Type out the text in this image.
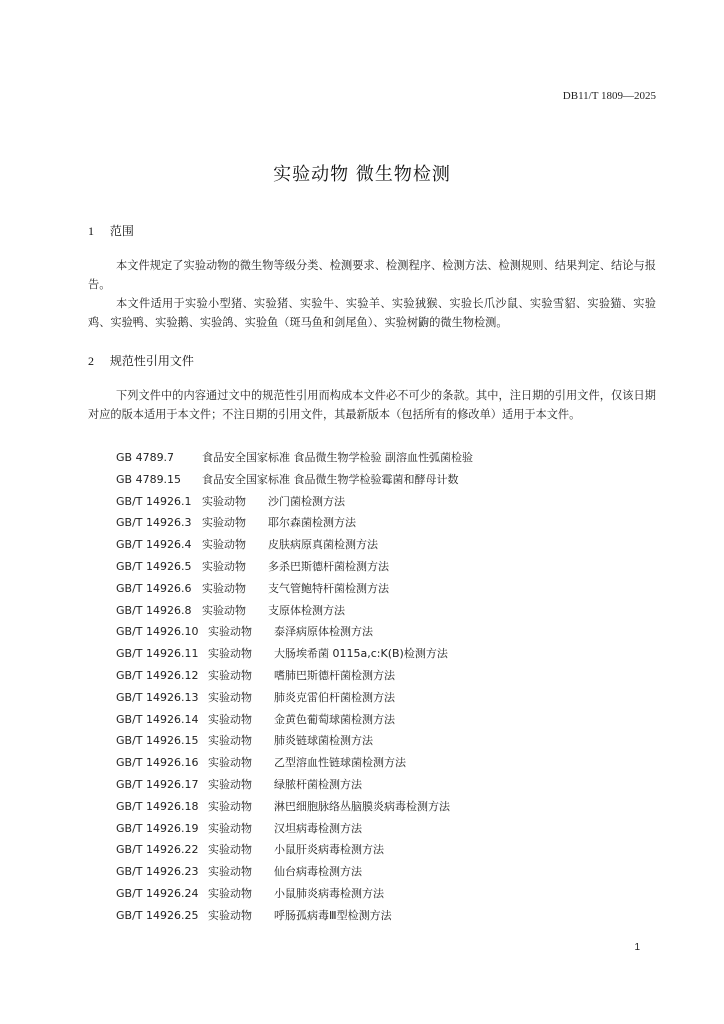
DB11/T 1809—2025
实验动物 微生物检测
1 范围
本文件规定了实验动物的微生物等级分类、检测要求、检测程序、检测方法、检测规则、结果判定、结论与报告。
本文件适用于实验小型猪、实验猪、实验牛、实验羊、实验狨猴、实验长爪沙鼠、实验雪貂、实验猫、实验鸡、实验鸭、实验鹅、实验鸽、实验鱼（斑马鱼和剑尾鱼）、实验树鼩的微生物检测。
2 规范性引用文件
下列文件中的内容通过文中的规范性引用而构成本文件必不可少的条款。其中，注日期的引用文件，仅该日期对应的版本适用于本文件；不注日期的引用文件，其最新版本（包括所有的修改单）适用于本文件。
GB 4789.7	食品安全国家标准 食品微生物学检验 副溶血性弧菌检验
GB 4789.15 食品安全国家标准 食品微生物学检验霉菌和酵母计数
GB/T 14926.1 实验动物 沙门菌检测方法
GB/T 14926.3 实验动物 耶尔森菌检测方法
GB/T 14926.4 实验动物 皮肤病原真菌检测方法
GB/T 14926.5 实验动物 多杀巴斯德杆菌检测方法
GB/T 14926.6 实验动物 支气管鲍特杆菌检测方法
GB/T 14926.8 实验动物 支原体检测方法
GB/T 14926.10 实验动物 泰泽病原体检测方法
GB/T 14926.11 实验动物 大肠埃希菌 0115a,c:K(B)检测方法
GB/T 14926.12 实验动物 嗜肺巴斯德杆菌检测方法
GB/T 14926.13 实验动物 肺炎克雷伯杆菌检测方法
GB/T 14926.14 实验动物 金黄色葡萄球菌检测方法
GB/T 14926.15 实验动物 肺炎链球菌检测方法
GB/T 14926.16 实验动物 乙型溶血性链球菌检测方法
GB/T 14926.17 实验动物 绿脓杆菌检测方法
GB/T 14926.18 实验动物 淋巴细胞脉络丛脑膜炎病毒检测方法
GB/T 14926.19 实验动物 汉坦病毒检测方法
GB/T 14926.22 实验动物 小鼠肝炎病毒检测方法
GB/T 14926.23 实验动物 仙台病毒检测方法
GB/T 14926.24 实验动物 小鼠肺炎病毒检测方法
GB/T 14926.25 实验动物 呼肠孤病毒Ⅲ型检测方法
1
